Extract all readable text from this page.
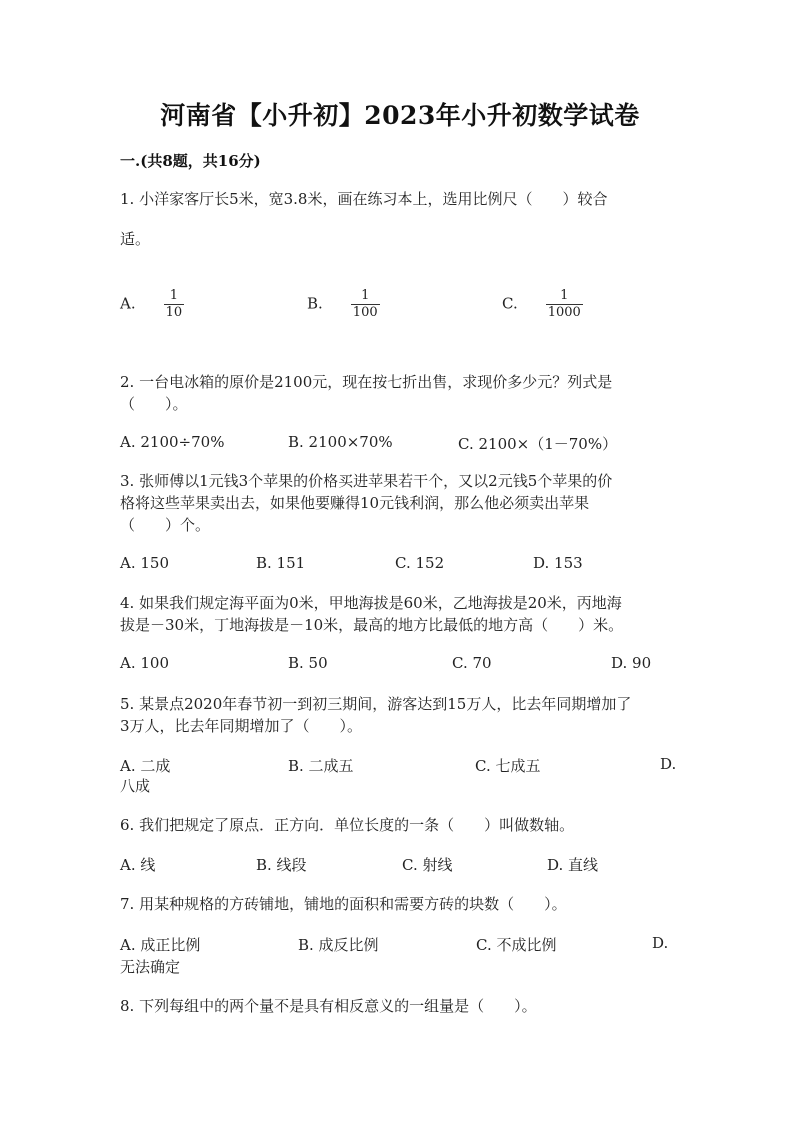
河南省【小升初】2023年小升初数学试卷
一.(共8题，共16分)
1. 小洋家客厅长5米，宽3.8米，画在练习本上，选用比例尺（　　）较合
适。
A. $\frac{1}{10}$	B. $\frac{1}{100}$	C. $\frac{1}{1000}$
2. 一台电冰箱的原价是2100元，现在按七折出售，求现价多少元？列式是
（　　）。
A. 2100÷70%	B. 2100×70%	C. 2100×（1－70%）
3. 张师傅以1元钱3个苹果的价格买进苹果若干个，又以2元钱5个苹果的价
格将这些苹果卖出去，如果他要赚得10元钱利润，那么他必须卖出苹果
（　　）个。
A. 150	B. 151	C. 152	D. 153
4. 如果我们规定海平面为0米，甲地海拔是60米，乙地海拔是20米，丙地海
拔是－30米，丁地海拔是－10米，最高的地方比最低的地方高（　　）米。
A. 100	B. 50	C. 70	D. 90
5. 某景点2020年春节初一到初三期间，游客达到15万人，比去年同期增加了
3万人，比去年同期增加了（　　）。
A. 二成	B. 二成五	C. 七成五	D.
八成
6. 我们把规定了原点．正方向．单位长度的一条（　　）叫做数轴。
A. 线	B. 线段	C. 射线	D. 直线
7. 用某种规格的方砖铺地，铺地的面积和需要方砖的块数（　　）。
A. 成正比例	B. 成反比例	C. 不成比例	D.
无法确定
8. 下列每组中的两个量不是具有相反意义的一组量是（　　）。
